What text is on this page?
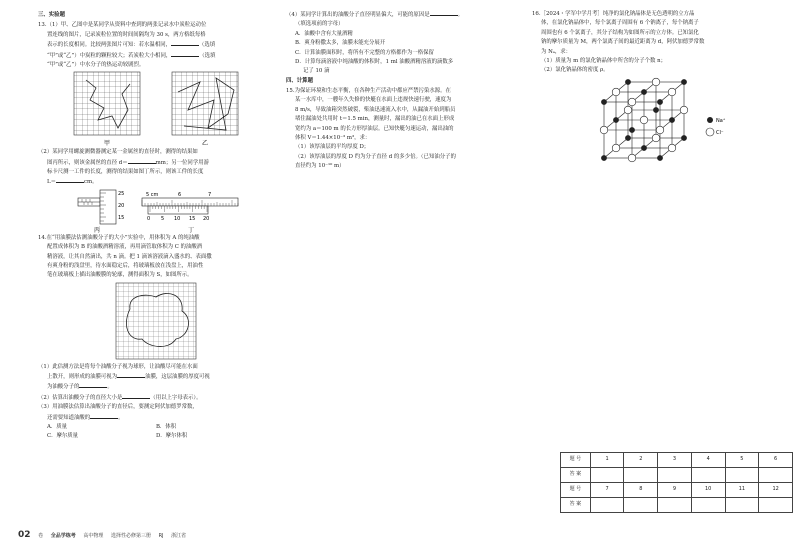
三、实验题
13.（1）甲、乙图中是某同学从资料中查到的两张记录水中炭粒运动位
置连线的图片，记录炭粒位置的时间间隔均为 30 s，两方格纸每格
表示的长度相同。比较两张图片可知：若水温相同，	（选填
“甲”或“乙”）中炭粒的颗粒较大；若炭粒大小相同，	（选填
“甲”或“乙”）中水分子的热运动较剧烈。
甲	乙
（2）某同学用螺旋测微器测定某一金属丝的直径时，测得的结果如
图丙所示，则该金属丝的直径 d＝	mm；另一位同学用游
标卡尺测一工件的长度，测得的结果如图丁所示，则该工件的长度
L＝	cm。
25
20
15
丙
5 cm	6	7
0 5 10 15 20
丁
14.在“用油膜法估测油酸分子的大小”实验中，用体积为 A 的纯油酸
配置成体积为 B 的油酸酒精溶液，再用滴管取体积为 C 的油酸酒
精溶液，让其自然滴出，共 n 滴。把 1 滴该溶液滴入盛水的、表面撒
有爽身粉的浅盘里，待水面稳定后，将玻璃板放在浅盘上，用油性
笔在玻璃板上描出油酸膜的轮廓，测得面积为 S，如图所示。
（1）此估测方法是将每个油酸分子视为球形，让油酸尽可能在水面
上散开，则形成的油膜可视为	油膜，这层油膜的厚度可视
为油酸分子的	。
（2）估算出油酸分子的直径大小是	（用以上字母表示）。
（3）用油膜法估算出油酸分子的直径后，要测定阿伏加德罗常数，
还需要知道油酸的	。
A．质量	B．体积
C．摩尔质量	D．摩尔体积
（4）某同学计算出的油酸分子直径明显偏大，可能的原因是	。
（填选项前的字母）
A．油酸中含有大量酒精
B．爽身粉撒太多，油膜未能充分展开
C．计算油膜面积时，将所有不完整的方格都作为一格保留
D．计算每滴溶液中纯油酸的体积时，1 ml 油酸酒精溶液的滴数多
记了 10 滴
四、计算题
15.为保证环境和生态平衡，在各种生产活动中都应严禁污染水源。在
某一水库中，一艘年久失修的快艇在水面上违规快速行驶，速度为
8 m/s，导致油箱突然破裂，柴油迅速流入水中，从漏油开始到船员
堵住漏油处共用时 t＝1.5 min，测量时，漏出的油已在水面上形成
宽约为 a＝100 m 的长方形厚油层。已知快艇匀速运动，漏出油的
体积 V＝1.44×10⁻³ m³，求：
（1）该厚油层的平均厚度 D；
（2）该厚油层的厚度 D 约为分子直径 d 的多少倍。（已知油分子的
直径约为 10⁻¹⁰ m）
16.［2024・学军中学月考］纯净的氯化钠晶体是无色透明的立方晶
体，在氯化钠晶体中，每个氯离子周围有 6 个钠离子，每个钠离子
周围也有 6 个氯离子，其分子结构为如图所示的立方体。已知氯化
钠的摩尔质量为 M，两个氯离子间的最近距离为 d，阿伏加德罗常数
为 Nₐ，求：
（1）质量为 m 的氯化钠晶体中所含的分子个数 n；
（2）氯化钠晶体的密度 ρ。
Na⁺
Cl⁻
题 号	1	2	3	4	5	6
答 案						
题 号	7	8	9	10	11	12
答 案						
02 卷 全品学练考 高中物理 选择性必修第三册 RJ 浙江省
